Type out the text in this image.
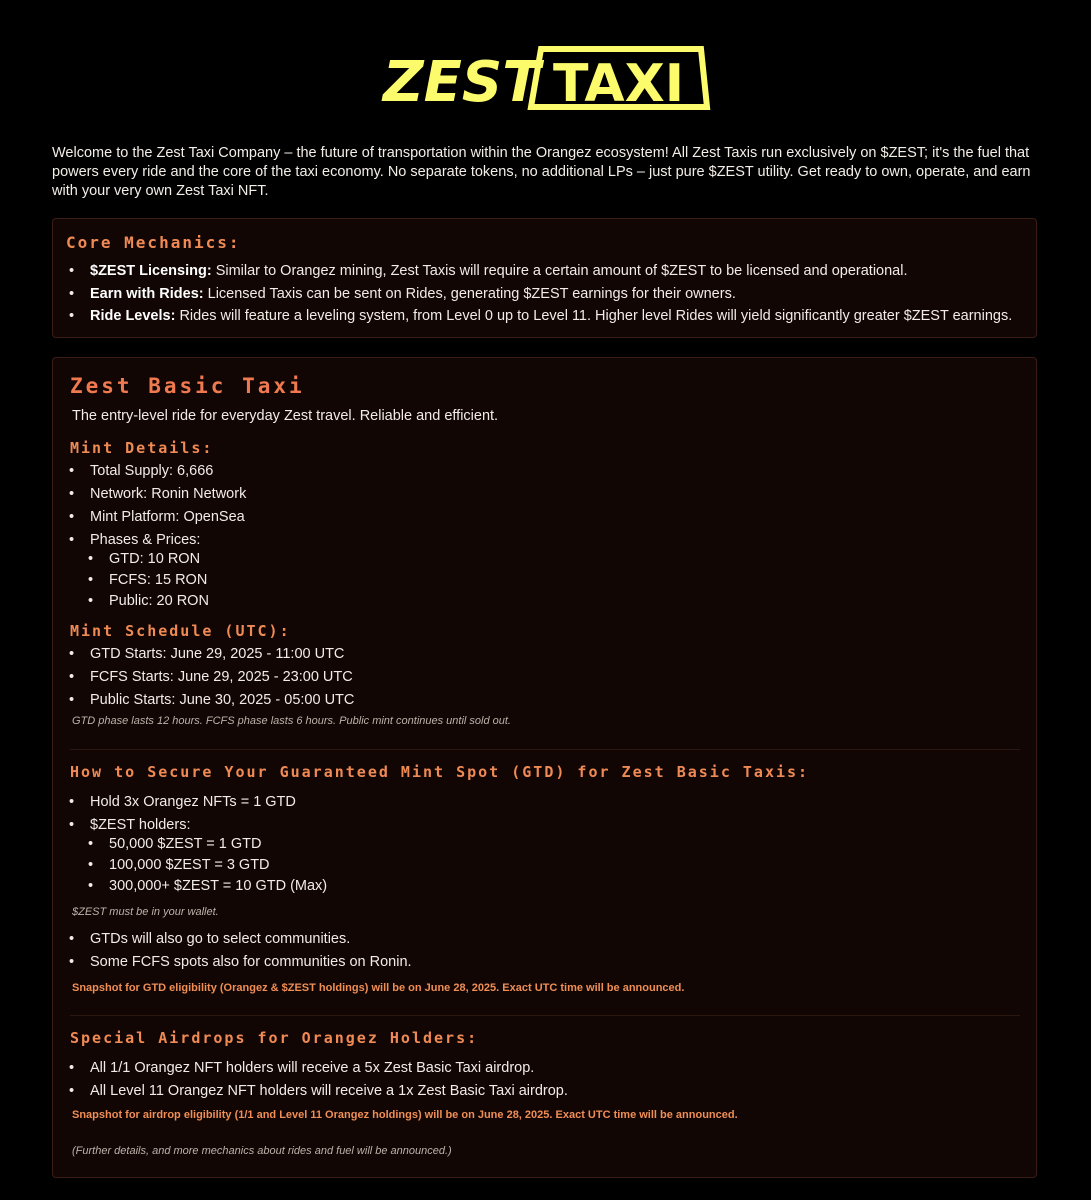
ZEST TAXI
Welcome to the Zest Taxi Company – the future of transportation within the Orangez ecosystem! All Zest Taxis run exclusively on $ZEST; it's the fuel that powers every ride and the core of the taxi economy. No separate tokens, no additional LPs – just pure $ZEST utility. Get ready to own, operate, and earn with your very own Zest Taxi NFT.
Core Mechanics:
• $ZEST Licensing: Similar to Orangez mining, Zest Taxis will require a certain amount of $ZEST to be licensed and operational.
• Earn with Rides: Licensed Taxis can be sent on Rides, generating $ZEST earnings for their owners.
• Ride Levels: Rides will feature a leveling system, from Level 0 up to Level 11. Higher level Rides will yield significantly greater $ZEST earnings.
Zest Basic Taxi
The entry-level ride for everyday Zest travel. Reliable and efficient.
Mint Details:
• Total Supply: 6,666
• Network: Ronin Network
• Mint Platform: OpenSea
• Phases & Prices:
• GTD: 10 RON
• FCFS: 15 RON
• Public: 20 RON
Mint Schedule (UTC):
• GTD Starts: June 29, 2025 - 11:00 UTC
• FCFS Starts: June 29, 2025 - 23:00 UTC
• Public Starts: June 30, 2025 - 05:00 UTC
GTD phase lasts 12 hours. FCFS phase lasts 6 hours. Public mint continues until sold out.
How to Secure Your Guaranteed Mint Spot (GTD) for Zest Basic Taxis:
• Hold 3x Orangez NFTs = 1 GTD
• $ZEST holders:
• 50,000 $ZEST = 1 GTD
• 100,000 $ZEST = 3 GTD
• 300,000+ $ZEST = 10 GTD (Max)
$ZEST must be in your wallet.
• GTDs will also go to select communities.
• Some FCFS spots also for communities on Ronin.
Snapshot for GTD eligibility (Orangez & $ZEST holdings) will be on June 28, 2025. Exact UTC time will be announced.
Special Airdrops for Orangez Holders:
• All 1/1 Orangez NFT holders will receive a 5x Zest Basic Taxi airdrop.
• All Level 11 Orangez NFT holders will receive a 1x Zest Basic Taxi airdrop.
Snapshot for airdrop eligibility (1/1 and Level 11 Orangez holdings) will be on June 28, 2025. Exact UTC time will be announced.
(Further details, and more mechanics about rides and fuel will be announced.)
